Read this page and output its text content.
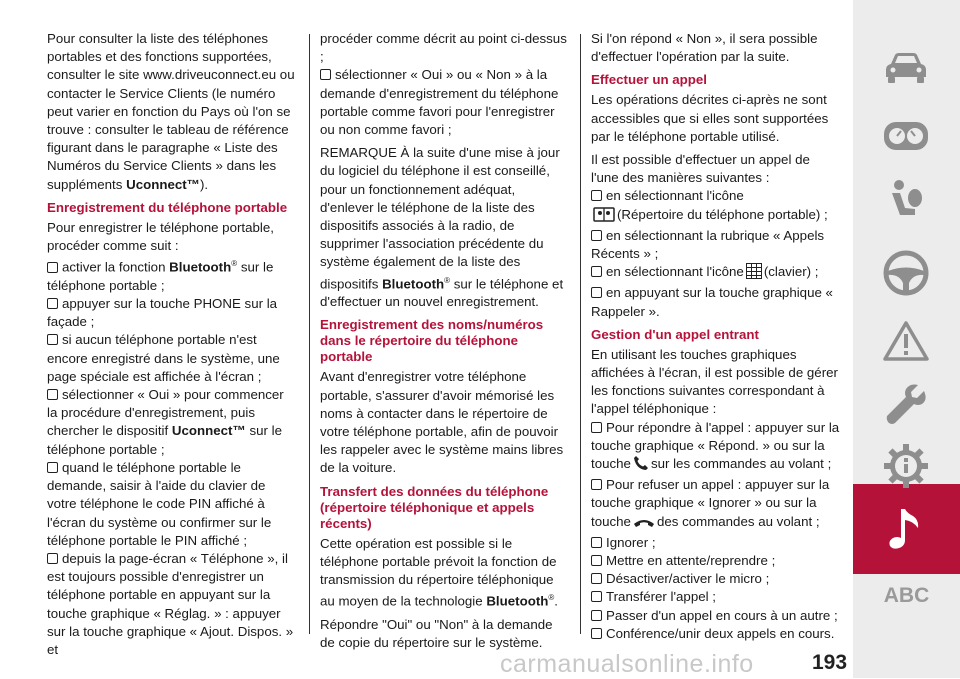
Pour consulter la liste des téléphones portables et des fonctions supportées, consulter le site www.driveuconnect.eu ou contacter le Service Clients (le numéro peut varier en fonction du Pays où l'on se trouve : consulter le tableau de référence figurant dans le paragraphe « Liste des Numéros du Service Clients » dans les suppléments Uconnect™).

Enregistrement du téléphone portable

Pour enregistrer le téléphone portable, procéder comme suit :

activer la fonction Bluetooth® sur le téléphone portable ;
appuyer sur la touche PHONE sur la façade ;
si aucun téléphone portable n'est encore enregistré dans le système, une page spéciale est affichée à l'écran ;
sélectionner « Oui » pour commencer la procédure d'enregistrement, puis chercher le dispositif Uconnect™ sur le téléphone portable ;
quand le téléphone portable le demande, saisir à l'aide du clavier de votre téléphone le code PIN affiché à l'écran du système ou confirmer sur le téléphone portable le PIN affiché ;
depuis la page-écran « Téléphone », il est toujours possible d'enregistrer un téléphone portable en appuyant sur la touche graphique « Réglag. » : appuyer sur la touche graphique « Ajout. Dispos. » et

procéder comme décrit au point ci-dessus ;

sélectionner « Oui » ou « Non » à la demande d'enregistrement du téléphone portable comme favori pour l'enregistrer ou non comme favori ;

REMARQUE À la suite d'une mise à jour du logiciel du téléphone il est conseillé, pour un fonctionnement adéquat, d'enlever le téléphone de la liste des dispositifs associés à la radio, de supprimer l'association précédente du système également de la liste des dispositifs Bluetooth® sur le téléphone et d'effectuer un nouvel enregistrement.

Enregistrement des noms/numéros dans le répertoire du téléphone portable

Avant d'enregistrer votre téléphone portable, s'assurer d'avoir mémorisé les noms à contacter dans le répertoire de votre téléphone portable, afin de pouvoir les rappeler avec le système mains libres de la voiture.

Transfert des données du téléphone (répertoire téléphonique et appels récents)

Cette opération est possible si le téléphone portable prévoit la fonction de transmission du répertoire téléphonique au moyen de la technologie Bluetooth®.

Répondre "Oui" ou "Non" à la demande de copie du répertoire sur le système.

Si l'on répond « Non », il sera possible d'effectuer l'opération par la suite.

Effectuer un appel

Les opérations décrites ci-après ne sont accessibles que si elles sont supportées par le téléphone portable utilisé.

Il est possible d'effectuer un appel de l'une des manières suivantes :

en sélectionnant l'icône
(Répertoire du téléphone portable) ;
en sélectionnant la rubrique « Appels Récents » ;
en sélectionnant l'icône (clavier) ;
en appuyant sur la touche graphique « Rappeler ».
Gestion d'un appel entrant

En utilisant les touches graphiques affichées à l'écran, il est possible de gérer les fonctions suivantes correspondant à l'appel téléphonique :

Pour répondre à l'appel : appuyer sur la touche graphique « Répond. » ou sur la touche sur les commandes au volant ;
Pour refuser un appel : appuyer sur la touche graphique « Ignorer » ou sur la touche des commandes au volant ;
Ignorer ;
Mettre en attente/reprendre ;
Désactiver/activer le micro ;
Transférer l'appel ;
Passer d'un appel en cours à un autre ;
Conférence/unir deux appels en cours.
ABC
carmanualsonline.info	193
